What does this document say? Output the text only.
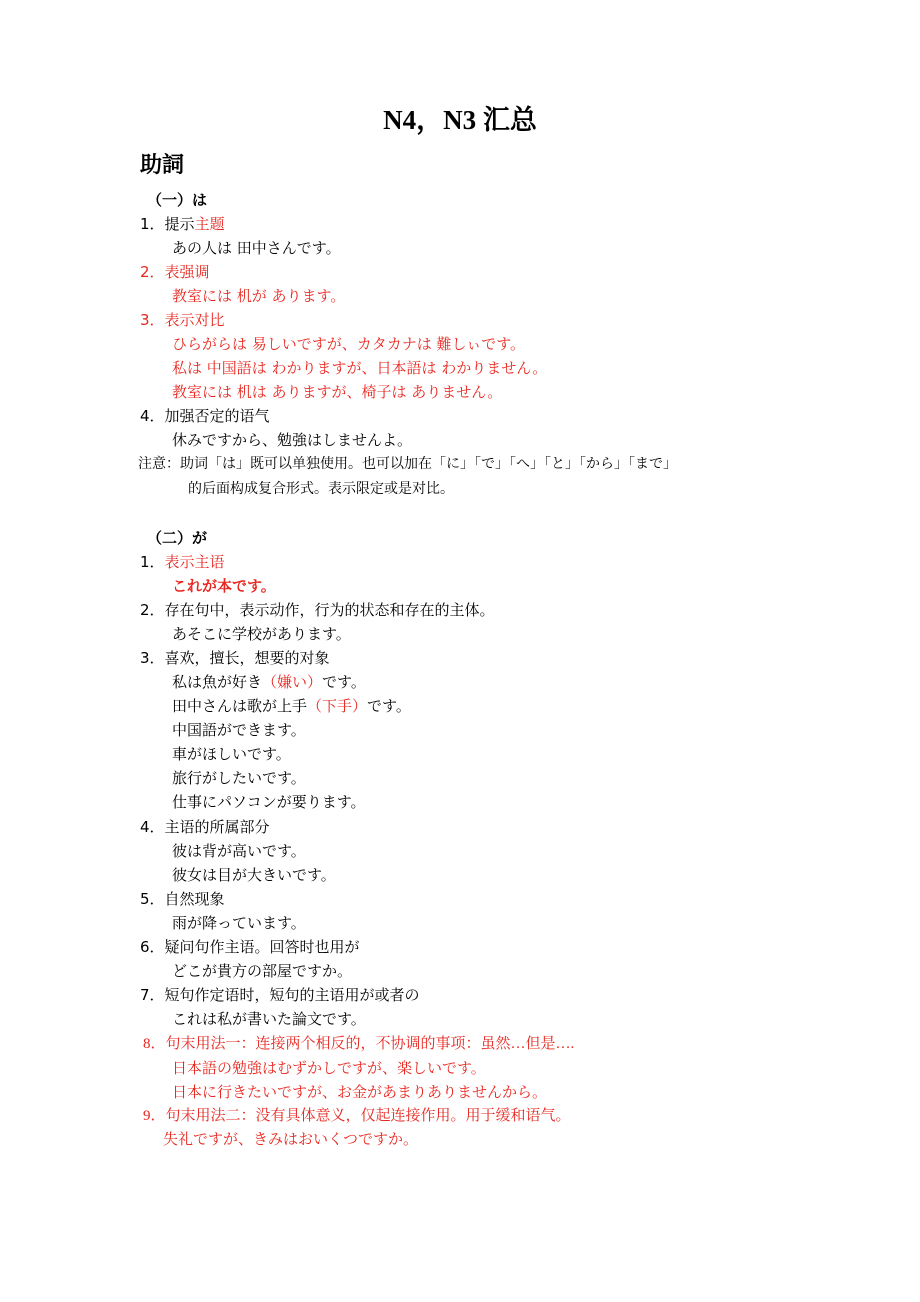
N4，N3 汇总
助詞
（一）は
1．提示主题
あの人は 田中さんです。
2．表强调
教室には 机が あります。
3．表示对比
ひらがらは 易しいですが、カタカナは 難しぃです。
私は 中国語は わかりますが、日本語は わかりません。
教室には 机は ありますが、椅子は ありません。
4．加强否定的语气
休みですから、勉強はしませんよ。
注意：助词「は」既可以单独使用。也可以加在「に」「で」「へ」「と」「から」「まで」
的后面构成复合形式。表示限定或是对比。
（二）が
1．表示主语
これが本です。
2．存在句中，表示动作，行为的状态和存在的主体。
あそこに学校があります。
3．喜欢，擅长，想要的对象
私は魚が好き（嫌い）です。
田中さんは歌が上手（下手）です。
中国語ができます。
車がほしいです。
旅行がしたいです。
仕事にパソコンが要ります。
4．主语的所属部分
彼は背が高いです。
彼女は目が大きいです。
5．自然现象
雨が降っています。
6．疑问句作主语。回答时也用が
どこが貴方の部屋ですか。
7．短句作定语时，短句的主语用が或者の
これは私が書いた論文です。
8．句末用法一：连接两个相反的，不协调的事项：虽然…但是….
日本語の勉強はむずかしですが、楽しいです。
日本に行きたいですが、お金があまりありませんから。
9．句末用法二：没有具体意义，仅起连接作用。用于缓和语气。
失礼ですが、きみはおいくつですか。
